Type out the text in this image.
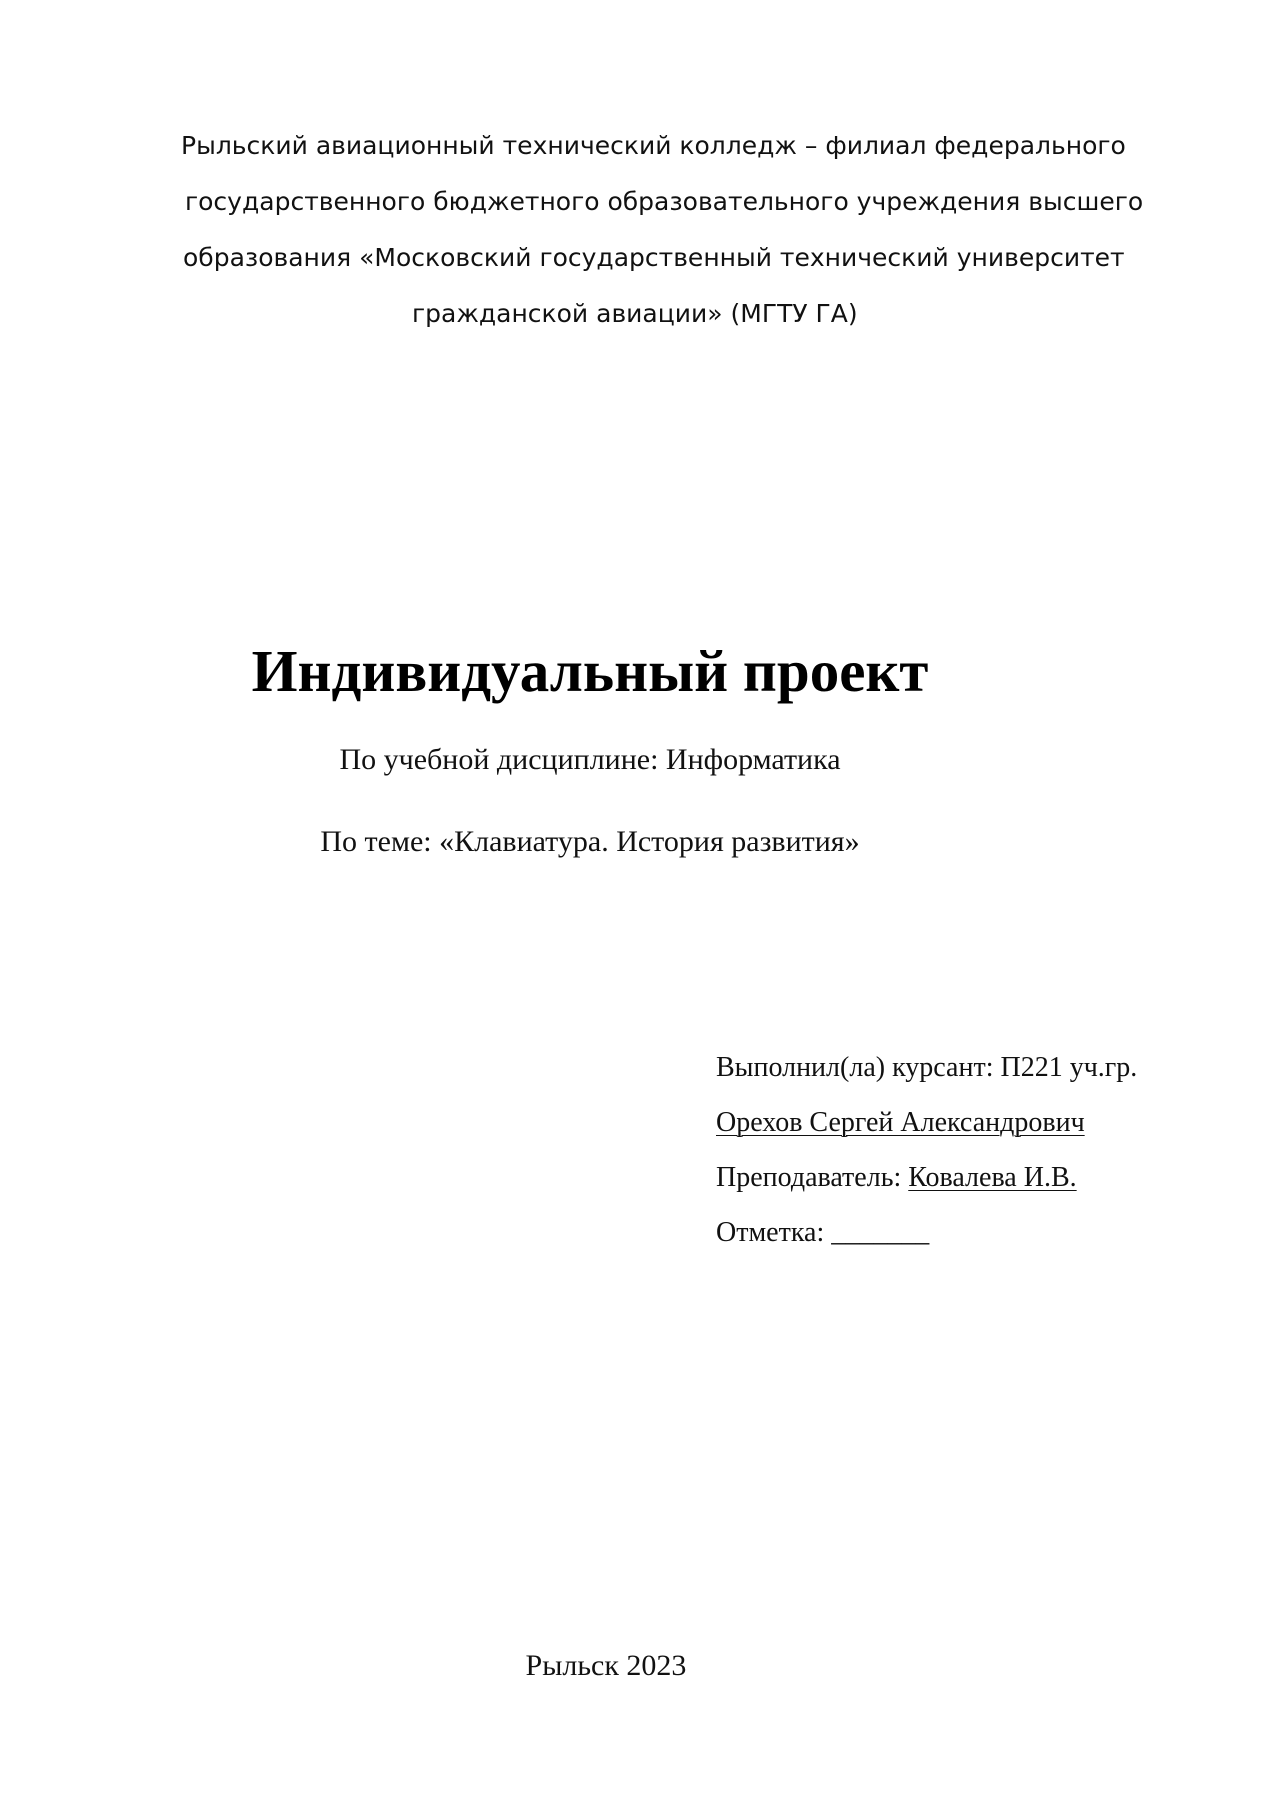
Рыльский авиационный технический колледж – филиал федерального
государственного бюджетного образовательного учреждения высшего
образования «Московский государственный технический университет
гражданской авиации» (МГТУ ГА)
Индивидуальный проект
По учебной дисциплине: Информатика
По теме: «Клавиатура. История развития»
Выполнил(ла) курсант: П221 уч.гр.
Орехов Сергей Александрович
Преподаватель: Ковалева И.В.
Отметка: _______
Рыльск 2023
